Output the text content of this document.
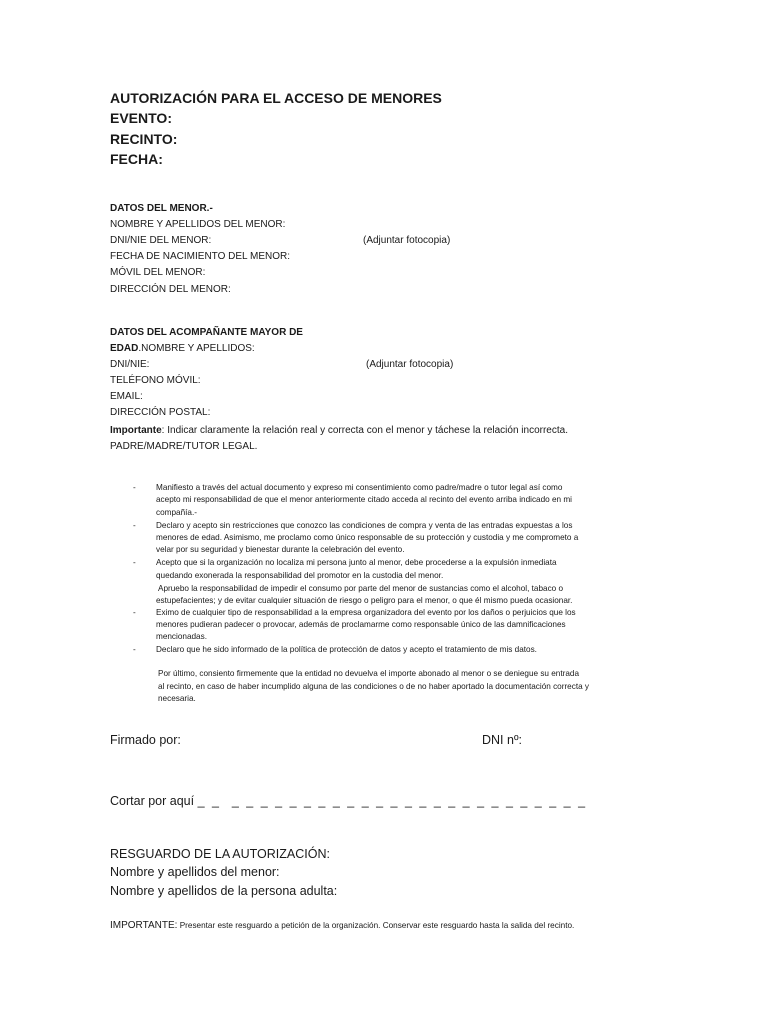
AUTORIZACIÓN PARA EL ACCESO DE MENORES
EVENTO:
RECINTO:
FECHA:
DATOS DEL MENOR.-
NOMBRE Y APELLIDOS DEL MENOR:
DNI/NIE DEL MENOR:	(Adjuntar fotocopia)
FECHA DE NACIMIENTO DEL MENOR:
MÓVIL DEL MENOR:
DIRECCIÓN DEL MENOR:
DATOS DEL ACOMPAÑANTE MAYOR DE
EDAD.NOMBRE Y APELLIDOS:
DNI/NIE:	(Adjuntar fotocopia)
TELÉFONO MÓVIL:
EMAIL:
DIRECCIÓN POSTAL:
Importante: Indicar claramente la relación real y correcta con el menor y táchese la relación incorrecta.
PADRE/MADRE/TUTOR LEGAL.
- Manifiesto a través del actual documento y expreso mi consentimiento como padre/madre o tutor legal así como
acepto mi responsabilidad de que el menor anteriormente citado acceda al recinto del evento arriba indicado en mi
compañía.-
- Declaro y acepto sin restricciones que conozco las condiciones de compra y venta de las entradas expuestas a los
menores de edad. Asimismo, me proclamo como único responsable de su protección y custodia y me comprometo a
velar por su seguridad y bienestar durante la celebración del evento.
- Acepto que si la organización no localiza mi persona junto al menor, debe procederse a la expulsión inmediata
quedando exonerada la responsabilidad del promotor en la custodia del menor.
Apruebo la responsabilidad de impedir el consumo por parte del menor de sustancias como el alcohol, tabaco o
estupefacientes; y de evitar cualquier situación de riesgo o peligro para el menor, o que él mismo pueda ocasionar.
- Eximo de cualquier tipo de responsabilidad a la empresa organizadora del evento por los daños o perjuicios que los
menores pudieran padecer o provocar, además de proclamarme como responsable único de las damnificaciones
mencionadas.
- Declaro que he sido informado de la política de protección de datos y acepto el tratamiento de mis datos.
Por último, consiento firmemente que la entidad no devuelva el importe abonado al menor o se deniegue su entrada
al recinto, en caso de haber incumplido alguna de las condiciones o de no haber aportado la documentación correcta y
necesaria.
Firmado por:	DNI nº:
Cortar por aquí _ _  _ _ _ _ _ _ _ _ _ _ _ _ _ _ _ _ _ _ _ _ _ _ _ _ _
RESGUARDO DE LA AUTORIZACIÓN:
Nombre y apellidos del menor:
Nombre y apellidos de la persona adulta:
IMPORTANTE: Presentar este resguardo a petición de la organización. Conservar este resguardo hasta la salida del recinto.
